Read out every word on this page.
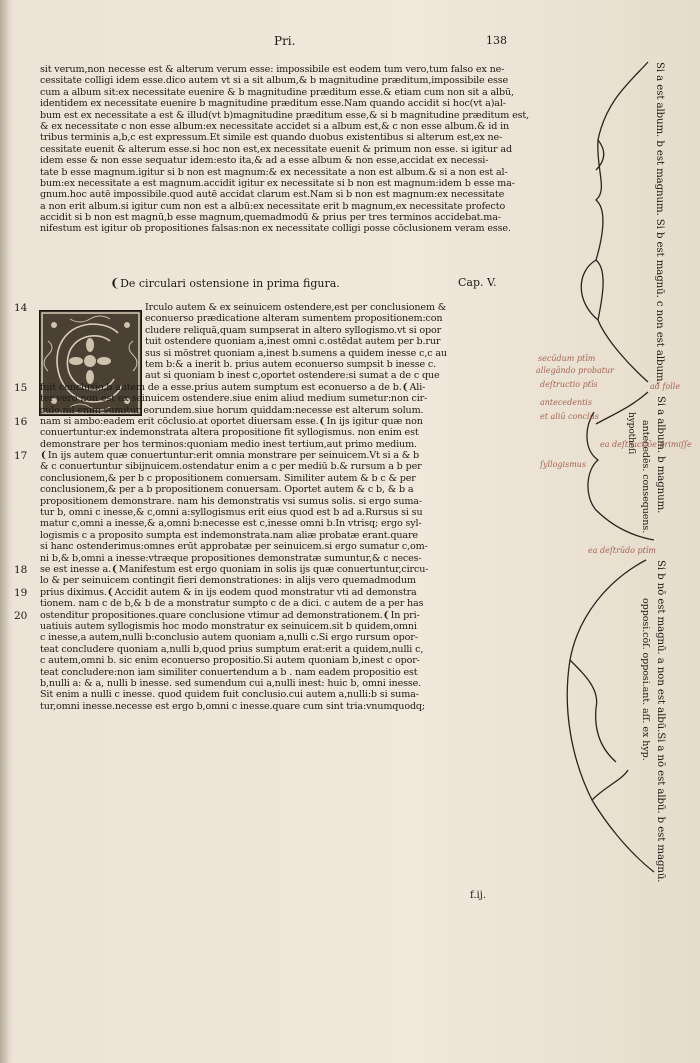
Pri.	138
sit verum,non necesse est & alterum verum esse: impossibile est eodem tum vero,tum falso ex ne-
cessitate colligi idem esse.dico autem vt si a sit album,& b magnitudine præditum,impossibile esse
cum a album sit:ex necessitate euenire & b magnitudine præditum esse.& etiam cum non sit a albū,
identidem ex necessitate euenire b magnitudine præditum esse.Nam quando accidit si hoc(vt a)al-
bum est ex necessitate a est & illud(vt b)magnitudine præditum esse,& si b magnitudine præditum est,
& ex necessitate c non esse album:ex necessitate accidet si a album est,& c non esse album.& id in
tribus terminis a,b,c est expressum.Et simile est quando duobus existentibus si alterum est,ex ne-
cessitate euenit & alterum esse.si hoc non est,ex necessitate euenit & primum non esse. si igitur ad
idem esse & non esse sequatur idem:esto ita,& ad a esse album & non esse,accidat ex necessi-
tate b esse magnum.igitur si b non est magnum:& ex necessitate a non est album.& si a non est al-
bum:ex necessitate a est magnum.accidit igitur ex necessitate si b non est magnum:idem b esse ma-
gnum.hoc autē impossibile.quod autē accidat clarum est.Nam si b non est magnum:ex necessitate
a non erit album.si igitur cum non est a albū:ex necessitate erit b magnum,ex necessitate profecto
accidit si b non est magnū,b esse magnum,quemadmodū & prius per tres terminos accidebat.ma-
nifestum est igitur ob propositiones falsas:non ex necessitate colligi posse cōclusionem veram esse.
❨De circulari ostensione in prima figura.	Cap. V.
14
15
16
17
18
19
20
Irculo autem & ex seinuicem ostendere,est per conclusionem &
econuerso prædicatione alteram sumentem propositionem:con
cludere reliquā,quam sumpserat in altero syllogismo.vt si opor
tuit ostendere quoniam a,inest omni c.ostēdat autem per b.rur
sus si mōstret quoniam a,inest b.sumens a quidem inesse c,c au
tem b:& a inerit b. prius autem econuerso sumpsit b inesse c.
aut si quoniam b inest c,oportet ostendere:si sumat a de c que
fuit conclusio,b autem de a esse.prius autem sumptum est econuerso a de b.❨Ali-
ter vero non est ex seinuicem ostendere.siue enim aliud medium sumetur:non cir-
culo.nil enim sumitur eorundem.siue horum quiddam:necesse est alterum solum.
nam si ambo:eadem erit cōclusio.at oportet diuersam esse.❨In ijs igitur quæ non
conuertuntur:ex indemonstrata altera propositione fit syllogismus. non enim est
demonstrare per hos terminos:quoniam medio inest tertium,aut primo medium.
❨In ijs autem quæ conuertuntur:erit omnia monstrare per seinuicem.Vt si a & b
& c conuertuntur sibijnuicem.ostendatur enim a c per mediū b.& rursum a b per
conclusionem,& per b c propositionem conuersam. Similiter autem & b c & per
conclusionem,& per a b propositionem conuersam. Oportet autem & c b, & b a
propositionem demonstrare. nam his demonstratis vsi sumus solis. si ergo suma-
tur b, omni c inesse,& c,omni a:syllogismus erit eius quod est b ad a.Rursus si su
matur c,omni a inesse,& a,omni b:necesse est c,inesse omni b.In vtrisq; ergo syl-
logismis c a proposito sumpta est indemonstrata.nam aliæ probatæ erant.quare
si hanc ostenderimus:omnes erūt approbatæ per seinuicem.si ergo sumatur c,om-
ni b,& b,omni a inesse:vtræque propositiones demonstratæ sumuntur,& c neces-
se est inesse a.❨Manifestum est ergo quoniam in solis ijs quæ conuertuntur,circu-
lo & per seinuicem contingit fieri demonstrationes: in alijs vero quemadmodum
prius diximus.❨Accidit autem & in ijs eodem quod monstratur vti ad demonstra
tionem. nam c de b,& b de a monstratur sumpto c de a dici. c autem de a per has
ostenditur propositiones.quare conclusione vtimur ad demonstrationem.❨In pri-
uatiuis autem syllogismis hoc modo monstratur ex seinuicem.sit b quidem,omni
c inesse,a autem,nulli b:conclusio autem quoniam a,nulli c.Si ergo rursum opor-
teat concludere quoniam a,nulli b,quod prius sumptum erat:erit a quidem,nulli c,
c autem,omni b. sic enim econuerso propositio.Si autem quoniam b,inest c opor-
teat concludere:non iam similiter conuertendum a b . nam eadem propositio est
b,nulli a: & a, nulli b inesse. sed sumendum cui a,nulli inest: huic b, omni inesse.
Sit enim a nulli c inesse. quod quidem fuit conclusio.cui autem a,nulli:b si suma-
tur,omni inesse.necesse est ergo b,omni c inesse.quare cum sint tria:vnumquodq;
f.ij.
Si a est album. b est magnum. Si b est magnū. c non est album.
Si a album. b magnum.
antecedēs. consequens.
hypotheſi
Si b nō est magnū. a non est albū.Si a nō est albū. b est magnū.
opposi.cōſ. opposi.ant. aſſ. ex hyp.
secūdum ptīm
allegāndo probatur
deſtructio ptīs
antecedentis
et aliū conclus
ſyllogismus
ea deſtrūdo ptīm
ad folle
ea deſtructiōe primiſſe
